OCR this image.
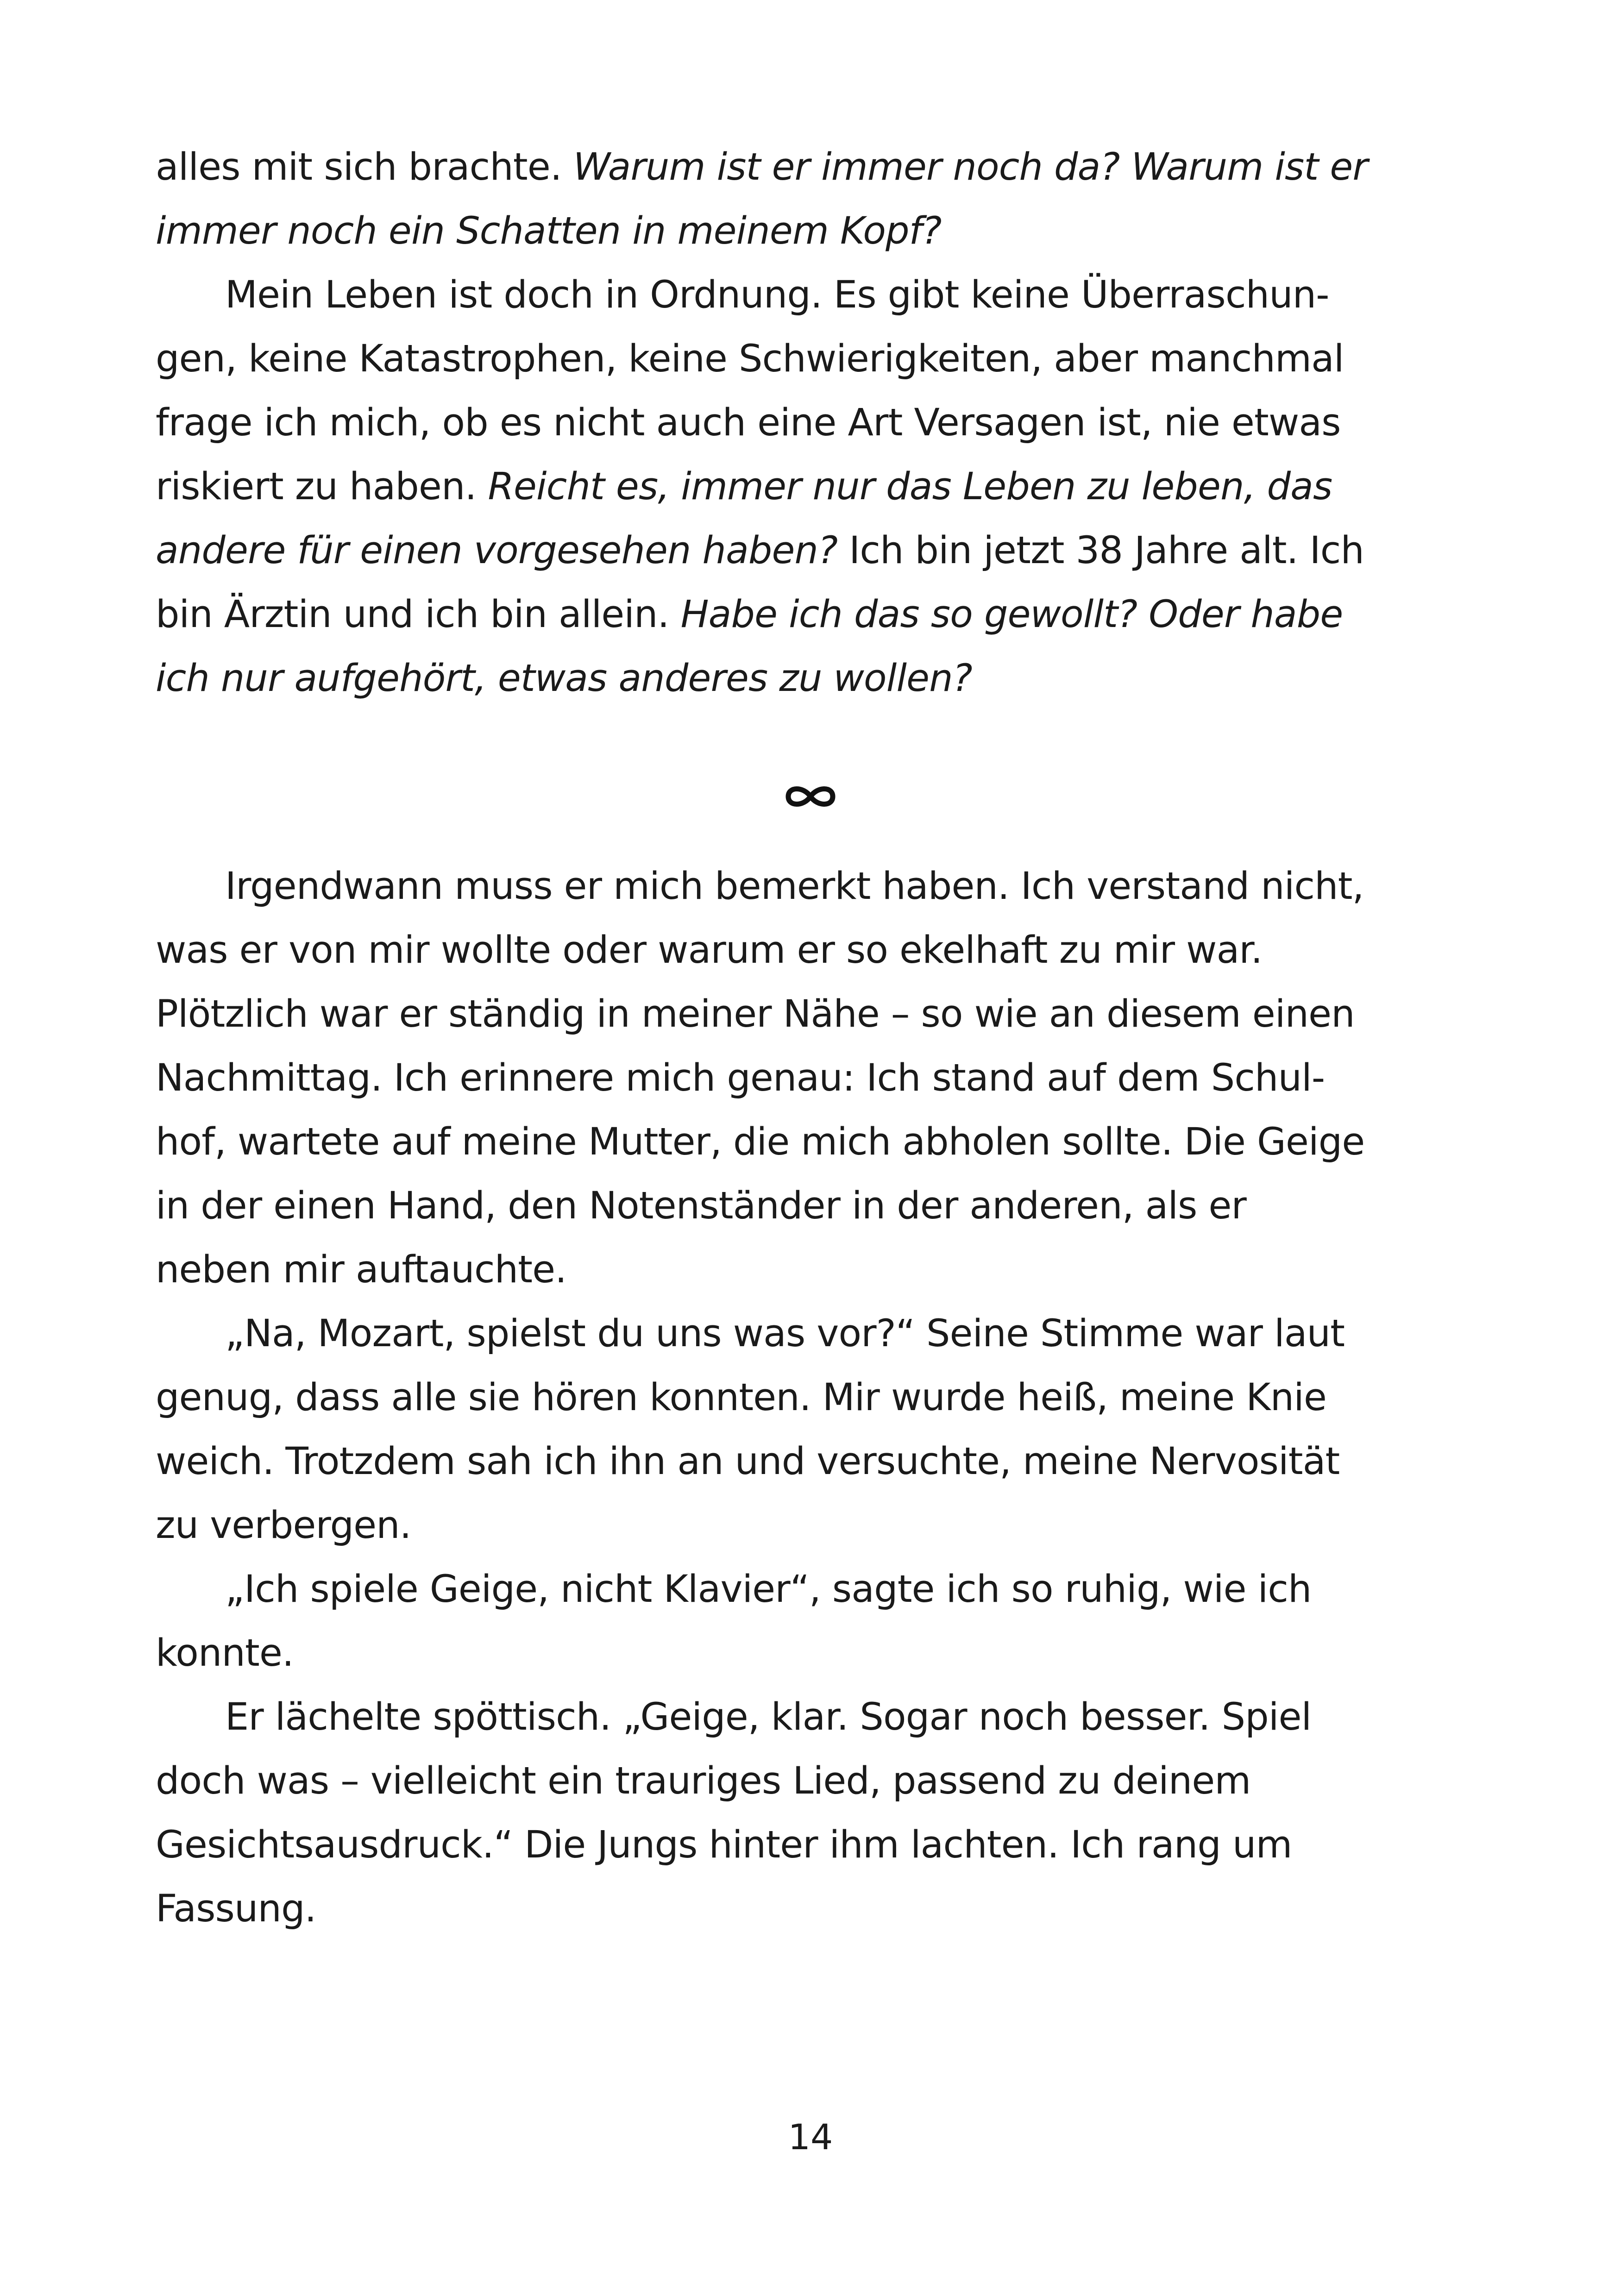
alles mit sich brachte. Warum ist er immer noch da? Warum ist er
immer noch ein Schatten in meinem Kopf?
Mein Leben ist doch in Ordnung. Es gibt keine Überraschun-
gen, keine Katastrophen, keine Schwierigkeiten, aber manchmal
frage ich mich, ob es nicht auch eine Art Versagen ist, nie etwas
riskiert zu haben. Reicht es, immer nur das Leben zu leben, das
andere für einen vorgesehen haben? Ich bin jetzt 38 Jahre alt. Ich
bin Ärztin und ich bin allein. Habe ich das so gewollt? Oder habe
ich nur aufgehört, etwas anderes zu wollen?
Irgendwann muss er mich bemerkt haben. Ich verstand nicht,
was er von mir wollte oder warum er so ekelhaft zu mir war.
Plötzlich war er ständig in meiner Nähe – so wie an diesem einen
Nachmittag. Ich erinnere mich genau: Ich stand auf dem Schul-
hof, wartete auf meine Mutter, die mich abholen sollte. Die Geige
in der einen Hand, den Notenständer in der anderen, als er
neben mir auftauchte.
„Na, Mozart, spielst du uns was vor?“ Seine Stimme war laut
genug, dass alle sie hören konnten. Mir wurde heiß, meine Knie
weich. Trotzdem sah ich ihn an und versuchte, meine Nervosität
zu verbergen.
„Ich spiele Geige, nicht Klavier“, sagte ich so ruhig, wie ich
konnte.
Er lächelte spöttisch. „Geige, klar. Sogar noch besser. Spiel
doch was – vielleicht ein trauriges Lied, passend zu deinem
Gesichtsausdruck.“ Die Jungs hinter ihm lachten. Ich rang um
Fassung.
14
